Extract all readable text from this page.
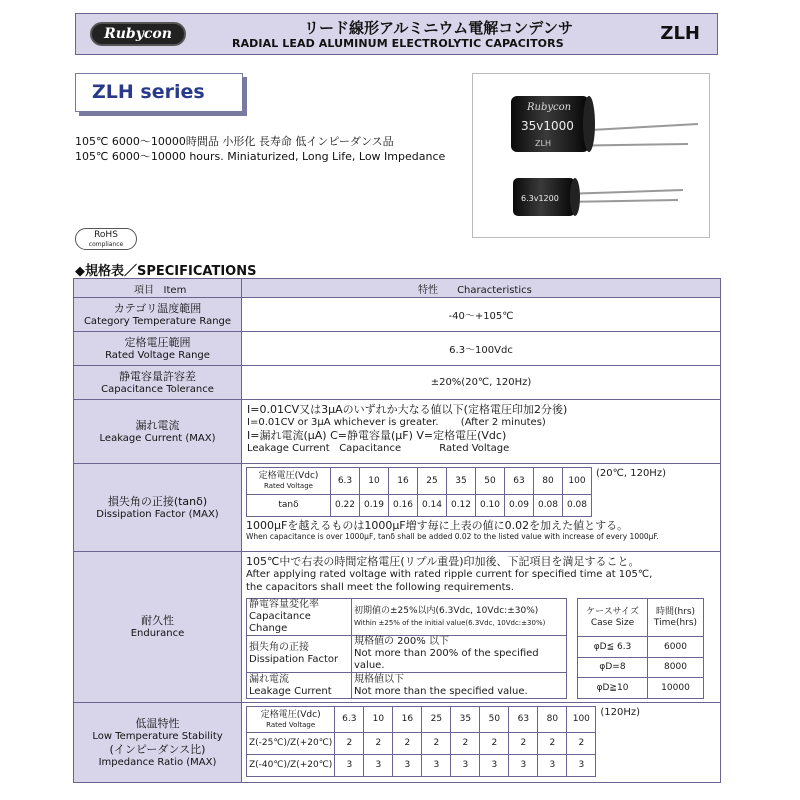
Rubycon	リード線形アルミニウム電解コンデンサ
RADIAL LEAD ALUMINUM ELECTROLYTIC CAPACITORS	ZLH
ZLH series
Rubycon
35v1000
ZLH
6.3v1200
105℃ 6000～10000時間品 小形化 長寿命 低インピーダンス品
105℃ 6000～10000 hours. Miniaturized, Long Life, Low Impedance
RoHS
compliance
◆規格表／SPECIFICATIONS
項目 Item	特性 Characteristics

カテゴリ温度範囲
Category Temperature Range	-40～+105℃

定格電圧範囲
Rated Voltage Range	6.3～100Vdc

静電容量許容差
Capacitance Tolerance
	±20%(20℃, 120Hz)

漏れ電流
Leakage Current (MAX)

I=0.01CV又は3μAのいずれか大なる値以下(定格電圧印加2分後)
I=0.01CV or 3μA whichever is greater. (After 2 minutes)
I=漏れ電流(μA) C=静電容量(μF) V=定格電圧(Vdc)
Leakage Current Capacitance	Rated Voltage

損失角の正接(tanδ)
Dissipation Factor (MAX)

定格電圧(Vdc)
Rated Voltage
	6.3	10	16	25	35	50	63	80	100
tanδ	0.22	0.19	0.16	0.14	0.12	0.10	0.09	0.08	0.08
(20℃, 120Hz)
1000μFを越えるものは1000μF増す毎に上表の値に0.02を加えた値とする。
When capacitance is over 1000μF, tanδ shall be added 0.02 to the listed value with increase of every 1000μF.

耐久性
Endurance

105℃中で右表の時間定格電圧(リプル重畳)印加後、下記項目を満足すること。
After applying rated voltage with rated ripple current for specified time at 105℃,
the capacitors shall meet the following requirements.
静電容量変化率
Capacitance Change

初期値の±25%以内(6.3Vdc, 10Vdc:±30%)
Within ±25% of the initial value(6.3Vdc, 10Vdc:±30%)

損失角の正接
Dissipation Factor

規格値の 200% 以下
Not more than 200% of the specified value.

漏れ電流
Leakage Current

規格値以下
Not more than the specified value.
ケースサイズ
Case Size

時間(hrs)
Time(hrs)

φD≦ 6.3	6000
φD=8	8000
φD≧10	10000

低温特性
Low Temperature Stability
(インピーダンス比)
Impedance Ratio (MAX)

定格電圧(Vdc)
Rated Voltage
	6.3	10	16	25	35	50	63	80	100
Z(-25℃)/Z(+20℃)	2	2	2	2	2	2	2	2	2
Z(-40℃)/Z(+20℃)	3	3	3	3	3	3	3	3	3
(120Hz)
